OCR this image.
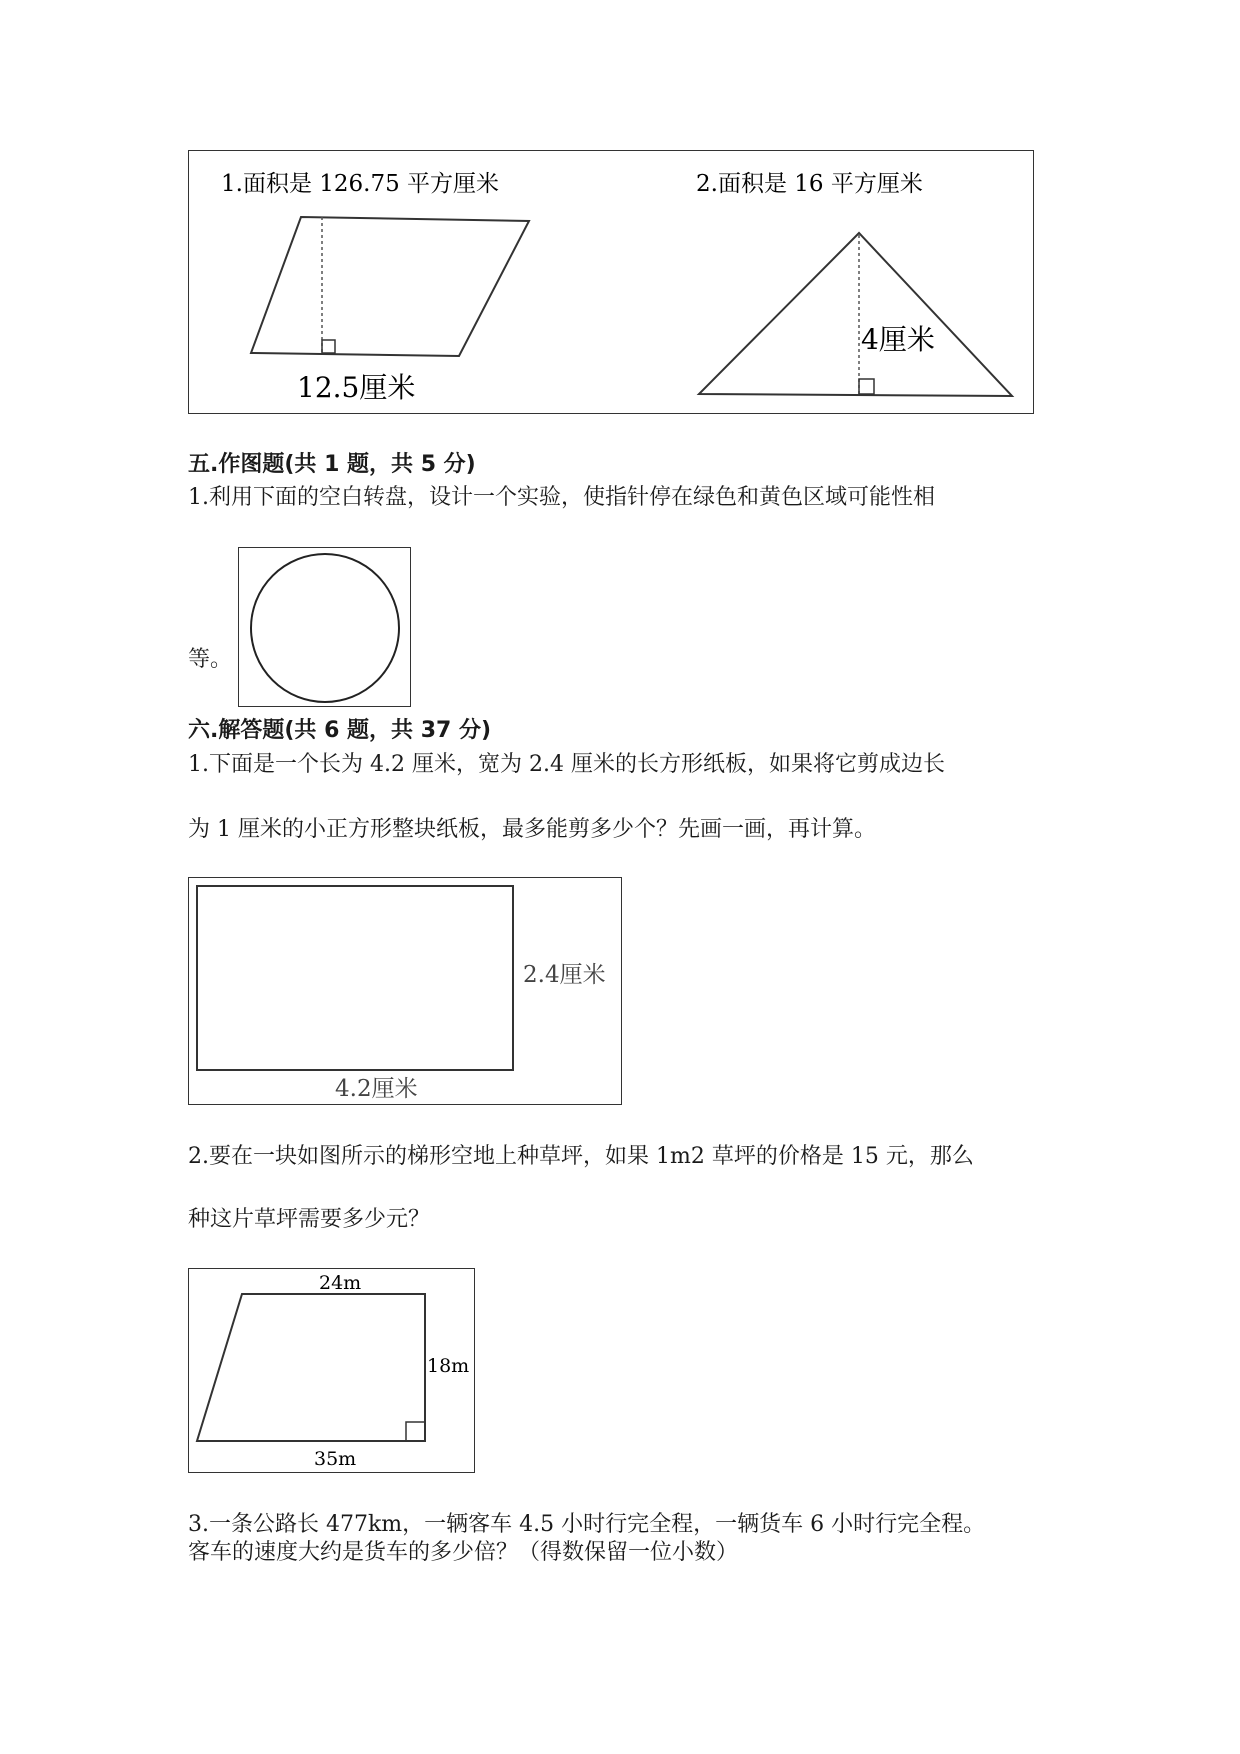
1.面积是 126.75 平方厘米
12.5厘米
2.面积是 16 平方厘米
4厘米
五.作图题(共 1 题，共 5 分)
1.利用下面的空白转盘，设计一个实验，使指针停在绿色和黄色区域可能性相
等。
六.解答题(共 6 题，共 37 分)
1.下面是一个长为 4.2 厘米，宽为 2.4 厘米的长方形纸板，如果将它剪成边长
为 1 厘米的小正方形整块纸板，最多能剪多少个？先画一画，再计算。
2.4厘米
4.2厘米
2.要在一块如图所示的梯形空地上种草坪，如果 1m2 草坪的价格是 15 元，那么
种这片草坪需要多少元？
24m
18m
35m
3.一条公路长 477km，一辆客车 4.5 小时行完全程，一辆货车 6 小时行完全程。
客车的速度大约是货车的多少倍？（得数保留一位小数）
